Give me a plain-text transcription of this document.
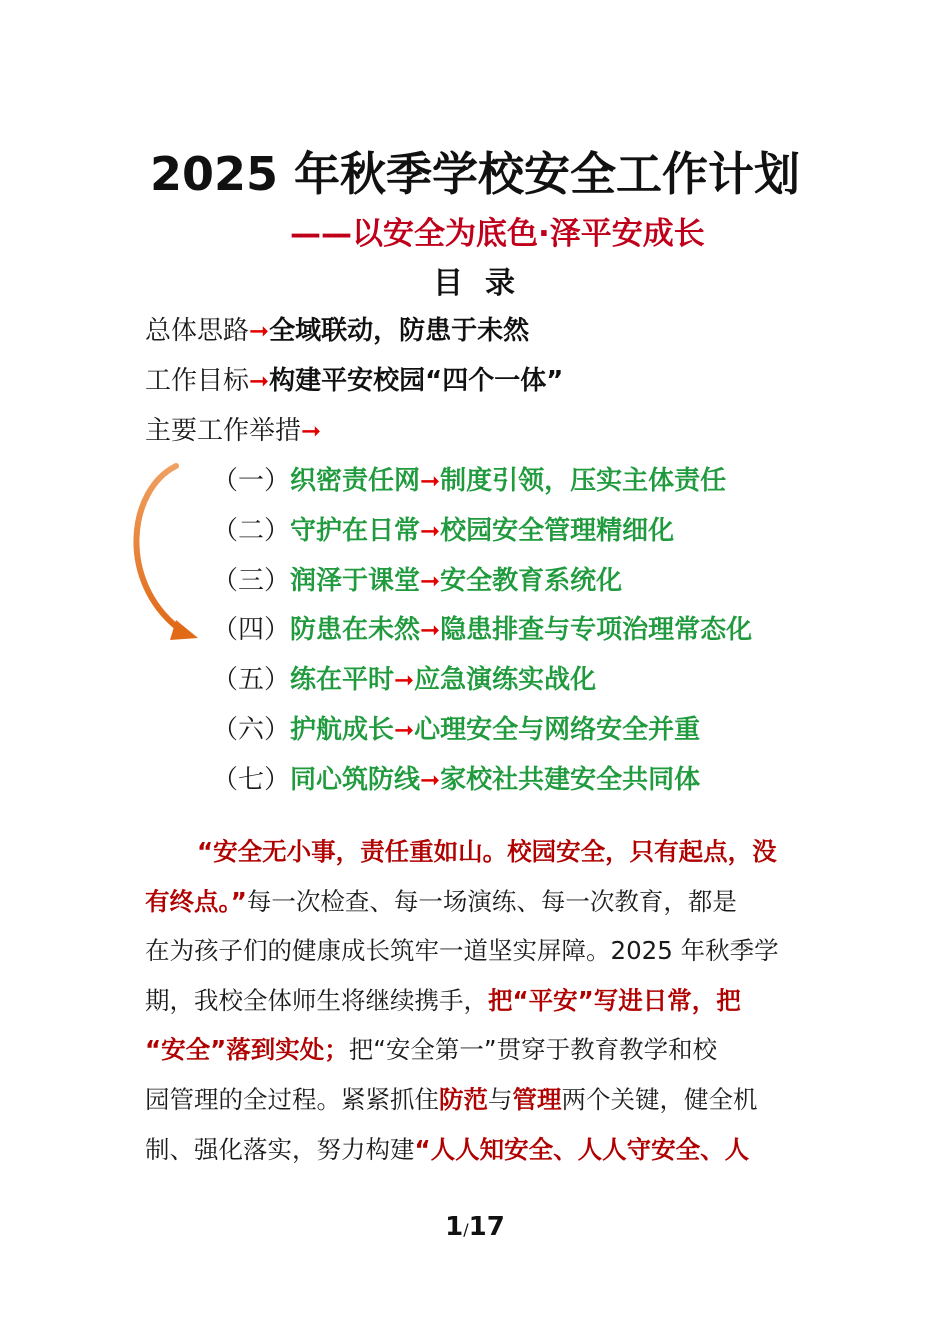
2025 年秋季学校安全工作计划
——以安全为底色·泽平安成长
目 录
总体思路➞全域联动，防患于未然
工作目标➞构建平安校园“四个一体”
主要工作举措➞
（一）织密责任网➞制度引领，压实主体责任
（二）守护在日常➞校园安全管理精细化
（三）润泽于课堂➞安全教育系统化
（四）防患在未然➞隐患排查与专项治理常态化
（五）练在平时➞应急演练实战化
（六）护航成长➞心理安全与网络安全并重
（七）同心筑防线➞家校社共建安全共同体
“安全无小事，责任重如山。校园安全，只有起点，没
有终点。”每一次检查、每一场演练、每一次教育，都是
在为孩子们的健康成长筑牢一道坚实屏障。2025 年秋季学
期，我校全体师生将继续携手，把“平安”写进日常，把
“安全”落到实处；把“安全第一”贯穿于教育教学和校
园管理的全过程。紧紧抓住防范与管理两个关键，健全机
制、强化落实，努力构建“人人知安全、人人守安全、人
1/17
